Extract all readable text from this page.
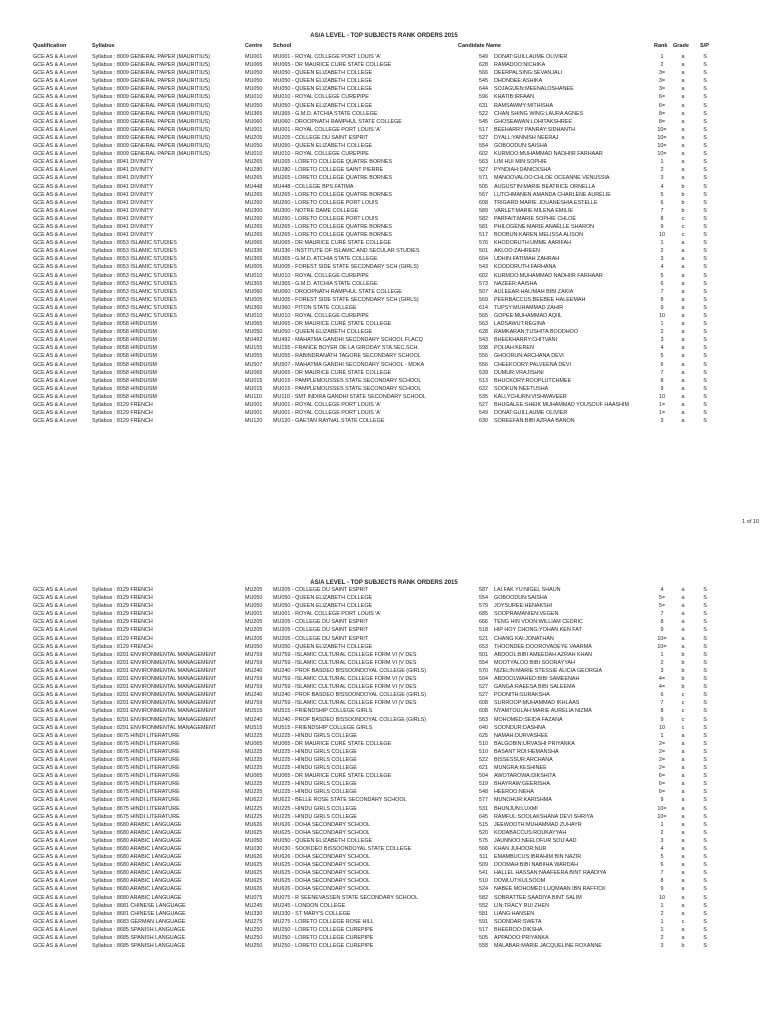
AS/A LEVEL - TOP SUBJECTS RANK ORDERS 2015
Qualification	Syllabus	Centre School	Candidate Name	Rank Grade S/P
GCE AS & A Level	Syllabus : 8009 GENERAL PAPER (MAURITIUS)	MU001	MU001 - ROYAL COLLEGE PORT LOUIS 'A'	549 DONAT:GUILLAUME OLIVIER	1	a	S
GCE AS & A Level	Syllabus : 8009 GENERAL PAPER (MAURITIUS)	MU065	MU065 - DR MAURICE CURÉ STATE COLLEGE	628 RAMADOO:NICHIKA	2	a	S
GCE AS & A Level	Syllabus : 8009 GENERAL PAPER (MAURITIUS)	MU050	MU050 - QUEEN ELIZABETH COLLEGE	566 DEERPALSING:SEVANJALI	3=	a	S
GCE AS & A Level	Syllabus : 8009 GENERAL PAPER (MAURITIUS)	MU050	MU050 - QUEEN ELIZABETH COLLEGE	545 DHONDEE:ASHIKA	3=	a	S
GCE AS & A Level	Syllabus : 8009 GENERAL PAPER (MAURITIUS)	MU050	MU050 - QUEEN ELIZABETH COLLEGE	644 SOJAGUEN:MEENALOSHANEE	3=	a	S
GCE AS & A Level	Syllabus : 8009 GENERAL PAPER (MAURITIUS)	MU010	MU010 - ROYAL COLLEGE CUREPIPE	596 KHATIB:IRFAAN	6=	a	S
GCE AS & A Level	Syllabus : 8009 GENERAL PAPER (MAURITIUS)	MU050	MU050 - QUEEN ELIZABETH COLLEGE	631 RAMSAWMY:MITHISHA	6=	a	S
GCE AS & A Level	Syllabus : 8009 GENERAL PAPER (MAURITIUS)	MU365	MU365 - G.M.D. ATCHIA STATE COLLEGE	522 CHAN SHING WING:LAURA AGNES	8=	a	S
GCE AS & A Level	Syllabus : 8009 GENERAL PAPER (MAURITIUS)	MU060	MU060 - DROOPNATH RAMPHUL STATE COLLEGE	545 GHOSEAWAN:LOHITAKSHREE	8=	a	S
GCE AS & A Level	Syllabus : 8009 GENERAL PAPER (MAURITIUS)	MU001	MU001 - ROYAL COLLEGE PORT LOUIS 'A'	517 BEEHARRY PANRAY:SIDHANTH	10=	a	S
GCE AS & A Level	Syllabus : 8009 GENERAL PAPER (MAURITIUS)	MU205	MU205 - COLLEGE DU SAINT ESPRIT	527 DYALL:YANNISH NEERAJ	10=	a	S
GCE AS & A Level	Syllabus : 8009 GENERAL PAPER (MAURITIUS)	MU050	MU050 - QUEEN ELIZABETH COLLEGE	554 GOBOODUN:SAISHA	10=	a	S
GCE AS & A Level	Syllabus : 8009 GENERAL PAPER (MAURITIUS)	MU010	MU010 - ROYAL COLLEGE CUREPIPE	602 KURMOO:MUHAMMAD NADHIIR FARHAAR	10=	a	S
GCE AS & A Level	Syllabus : 8041 DIVINITY	MU265	MU265 - LORETO COLLEGE QUATRE BORNES	563 LIM HUI MIN:SOPHIE	1	a	S
GCE AS & A Level	Syllabus : 8041 DIVINITY	MU280	MU280 - LORETO COLLEGE SAINT PIERRE	527 PYNDIAH:DANICKSHA	2	a	S
GCE AS & A Level	Syllabus : 8041 DIVINITY	MU265	MU265 - LORETO COLLEGE QUATRE BORNES	571 MANOOVALOO:CHLOÉ OCEANNE VENUSSIA	3	a	S
GCE AS & A Level	Syllabus : 8041 DIVINITY	MU448	MU448 - COLLEGE BPS FATIMA	505 AUGUSTIN:MARIE BEATRICE ORNELLA	4	b	S
GCE AS & A Level	Syllabus : 8041 DIVINITY	MU265	MU265 - LORETO COLLEGE QUATRE BORNES	567 LUTCHMANEN:AMANDA CHARLÈNE AURÉLIE	5	b	S
GCE AS & A Level	Syllabus : 8041 DIVINITY	MU260	MU260 - LORETO COLLEGE PORT LOUIS	608 TRIGARD:MARIE JOUANESHIA ESTELLE	6	b	S
GCE AS & A Level	Syllabus : 8041 DIVINITY	MU300	MU300 - NOTRE DAME COLLEGE	589 VARLET:MARIE MILENA EMILIE	7	b	S
GCE AS & A Level	Syllabus : 8041 DIVINITY	MU260	MU260 - LORETO COLLEGE PORT LOUIS	582 PARFAIT:MARIE SOPHIE CHLOÉ	8	c	S
GCE AS & A Level	Syllabus : 8041 DIVINITY	MU265	MU265 - LORETO COLLEGE QUATRE BORNES	581 PHILOGÈNE:MARIE ANAËLLE SHARON	9	c	S
GCE AS & A Level	Syllabus : 8041 DIVINITY	MU265	MU265 - LORETO COLLEGE QUATRE BORNES	517 BOOBUN:KAREN MELISSA ALISON	10	c	S
GCE AS & A Level	Syllabus : 8053 ISLAMIC STUDIES	MU065	MU065 - DR MAURICE CURÉ STATE COLLEGE	576 KHODORUTH:UMME AARIFAH	1	a	S
GCE AS & A Level	Syllabus : 8053 ISLAMIC STUDIES	MU336	MU336 - INSTITUTE OF ISLAMIC AND SECULAR STUDIES	501 AKLOO:ZAHREEN	2	a	S
GCE AS & A Level	Syllabus : 8053 ISLAMIC STUDIES	MU365	MU365 - G.M.D. ATCHIA STATE COLLEGE	604 UDHIN:FATIMAH ZAHRAH	3	a	S
GCE AS & A Level	Syllabus : 8053 ISLAMIC STUDIES	MU005	MU005 - FOREST SIDE STATE SECONDARY SCH (GIRLS)	543 KOODORUTH:FARHANA	4	a	S
GCE AS & A Level	Syllabus : 8053 ISLAMIC STUDIES	MU010	MU010 - ROYAL COLLEGE CUREPIPE	602 KURMOO:MUHAMMAD NADHIIR FARHAAR	5	a	S
GCE AS & A Level	Syllabus : 8053 ISLAMIC STUDIES	MU365	MU365 - G.M.D. ATCHIA STATE COLLEGE	573 NAZEER:AAISHA	6	a	S
GCE AS & A Level	Syllabus : 8053 ISLAMIC STUDIES	MU060	MU060 - DROOPNATH RAMPHUL STATE COLLEGE	507 AULEEAR:HALIMAH BIBI ZAKIA	7	a	S
GCE AS & A Level	Syllabus : 8053 ISLAMIC STUDIES	MU005	MU005 - FOREST SIDE STATE SECONDARY SCH (GIRLS)	569 PEERBACCUS:BEEBEE HALEEMAH	8	a	S
GCE AS & A Level	Syllabus : 8053 ISLAMIC STUDIES	MU360	MU360 - PITON STATE COLLEGE	614 TUPSY:MUHAMMAD ZAHIR	9	a	S
GCE AS & A Level	Syllabus : 8053 ISLAMIC STUDIES	MU010	MU010 - ROYAL COLLEGE CUREPIPE	565 GOPEE:MUHAMMAD AQIIL	10	a	S
GCE AS & A Level	Syllabus : 8058 HINDUISM	MU065	MU065 - DR MAURICE CURÉ STATE COLLEGE	563 LADSAWUT:REGINA	1	a	S
GCE AS & A Level	Syllabus : 8058 HINDUISM	MU050	MU050 - QUEEN ELIZABETH COLLEGE	628 RAMKARAN:TUSHITA BOODHOO	2	a	S
GCE AS & A Level	Syllabus : 8058 HINDUISM	MU492	MU492 - MAHATMA GANDHI SECONDARY SCHOOL FLACQ	543 BHEEKHARRY:CHITVANI	3	a	S
GCE AS & A Level	Syllabus : 8058 HINDUISM	MU155	MU155 - FRANCE BOYER DE LA GIRODAY STA.SEC.SCH.	598 POLIAH:KEREN	4	a	S
GCE AS & A Level	Syllabus : 8058 HINDUISM	MU055	MU055 - RABINDRANATH TAGORE SECONDARY SCHOOL	556 GHOORUN:ARCHANA DEVI	5	a	S
GCE AS & A Level	Syllabus : 8058 HINDUISM	MU507	MU507 - MAHATMA GANDHI SECONDARY SCHOOL - MOKA	556 CHEEKOORY:PALVEENA DEVI	6	a	S
GCE AS & A Level	Syllabus : 8058 HINDUISM	MU065	MU065 - DR MAURICE CURÉ STATE COLLEGE	539 DUMUR:VRAJISHNI	7	a	S
GCE AS & A Level	Syllabus : 8058 HINDUISM	MU015	MU015 - PAMPLEMOUSSES STATE SECONDARY SCHOOL	513 BHUCKORY:ROOPLUTCHMEE	8	a	S
GCE AS & A Level	Syllabus : 8058 HINDUISM	MU015	MU015 - PAMPLEMOUSSES STATE SECONDARY SCHOOL	622 SOOKUN:NEETUSHA	9	a	S
GCE AS & A Level	Syllabus : 8058 HINDUISM	MU110	MU110 - SMT INDIRA GANDHI STATE SECONDARY SCHOOL	535 KALLYCHURN:VISHWAVEER	10	a	S
GCE AS & A Level	Syllabus : 8129 FRENCH	MU001	MU001 - ROYAL COLLEGE PORT LOUIS 'A'	527 BHUGALEE:SHEIK MUHAMMAD YOUSOUF HAASHIM	1=	a	S
GCE AS & A Level	Syllabus : 8129 FRENCH	MU001	MU001 - ROYAL COLLEGE PORT LOUIS 'A'	549 DONAT:GUILLAUME OLIVIER	1=	a	S
GCE AS & A Level	Syllabus : 8129 FRENCH	MU120	MU120 - GAETAN RAYNAL STATE COLLEGE	630 SOREEFAN:BIBI AZRAA BANON	3	a	S
1 of 10
AS/A LEVEL - TOP SUBJECTS RANK ORDERS 2015
GCE AS & A Level	Syllabus : 8129 FRENCH	MU205	MU205 - COLLEGE DU SAINT ESPRIT	587 LAI FAK YU:NIGEL SHAUN	4	a	S
GCE AS & A Level	Syllabus : 8129 FRENCH	MU050	MU050 - QUEEN ELIZABETH COLLEGE	554 GOBOODUN:SAISHA	5=	a	S
GCE AS & A Level	Syllabus : 8129 FRENCH	MU050	MU050 - QUEEN ELIZABETH COLLEGE	579 JOYSUREE:HENAKSHI	5=	a	S
GCE AS & A Level	Syllabus : 8129 FRENCH	MU001	MU001 - ROYAL COLLEGE PORT LOUIS 'A'	685 SOOPRAMANIEN:VEGEN	7	a	S
GCE AS & A Level	Syllabus : 8129 FRENCH	MU205	MU205 - COLLEGE DU SAINT ESPRIT	666 TENG HIN VOON:WILLIAM CEDRIC	8	a	S
GCE AS & A Level	Syllabus : 8129 FRENCH	MU205	MU205 - COLLEGE DU SAINT ESPRIT	518 HIP HOY CHONG:YOHAN KEN FAT	9	a	S
GCE AS & A Level	Syllabus : 8129 FRENCH	MU205	MU205 - COLLEGE DU SAINT ESPRIT	521 CHANG KAI:JONATHAN	10=	a	S
GCE AS & A Level	Syllabus : 8129 FRENCH	MU050	MU050 - QUEEN ELIZABETH COLLEGE	653 THOONDEE:DOOROVADEYE VAARMA	10=	a	S
GCE AS & A Level	Syllabus : 8291 ENVIRONMENTAL MANAGEMENT	MU759	MU759 - ISLAMIC CULTURAL COLLEGE FORM VI (V DES	501 ABDOOL:BIBI AMEEDAH AZRAH KHAN	1	b	S
GCE AS & A Level	Syllabus : 8291 ENVIRONMENTAL MANAGEMENT	MU759	MU759 - ISLAMIC CULTURAL COLLEGE FORM VI (V DES	554 MOOTYALOO:BIBI SOORAYYAH	2	b	S
GCE AS & A Level	Syllabus : 8291 ENVIRONMENTAL MANAGEMENT	MU240	MU240 - PROF BASDEO BISSOONDOYAL COLLEGE (GIRLS)	570 NIZELIN:MARIE STESSIE ALICIA GEORGIA	3	b	S
GCE AS & A Level	Syllabus : 8291 ENVIRONMENTAL MANAGEMENT	MU759	MU759 - ISLAMIC CULTURAL COLLEGE FORM VI (V DES	504 ABDOOLWAHED:BIBI SAMEENAH	4=	b	S
GCE AS & A Level	Syllabus : 8291 ENVIRONMENTAL MANAGEMENT	MU759	MU759 - ISLAMIC CULTURAL COLLEGE FORM VI (V DES	527 GANGA:RAEESA BIBI SALEEMA	4=	b	S
GCE AS & A Level	Syllabus : 8291 ENVIRONMENTAL MANAGEMENT	MU240	MU240 - PROF BASDEO BISSOONDOYAL COLLEGE (GIRLS)	527 POONITH:SURAKSHA	6	c	S
GCE AS & A Level	Syllabus : 8291 ENVIRONMENTAL MANAGEMENT	MU759	MU759 - ISLAMIC CULTURAL COLLEGE FORM VI (V DES	608 SURROOP:MUHAMMAD IKHLAAS	7	c	S
GCE AS & A Level	Syllabus : 8291 ENVIRONMENTAL MANAGEMENT	MU515	MU515 - FRIENDSHIP COLLEGE GIRLS	608 NYAMTOULAH:MARIE AURELIA NIZMA	8	c	S
GCE AS & A Level	Syllabus : 8291 ENVIRONMENTAL MANAGEMENT	MU240	MU240 - PROF BASDEO BISSOONDOYAL COLLEGE (GIRLS)	563 MOHOMED:SEIDA FAZANA	9	c	S
GCE AS & A Level	Syllabus : 8291 ENVIRONMENTAL MANAGEMENT	MU515	MU515 - FRIENDSHIP COLLEGE GIRLS	640 SOONDUR:DASHNA	10	c	S
GCE AS & A Level	Syllabus : 8675 HINDI LITERATURE	MU225	MU225 - HINDU GIRLS COLLEGE	625 NAMAH:DURVASHEE	1	a	S
GCE AS & A Level	Syllabus : 8675 HINDI LITERATURE	MU065	MU065 - DR MAURICE CURÉ STATE COLLEGE	510 BALGOBIN:URVASHI PRIYANKA	2=	a	S
GCE AS & A Level	Syllabus : 8675 HINDI LITERATURE	MU225	MU225 - HINDU GIRLS COLLEGE	510 BASANT ROI:HEMANSHA	2=	a	S
GCE AS & A Level	Syllabus : 8675 HINDI LITERATURE	MU225	MU225 - HINDU GIRLS COLLEGE	522 BISSESSUR:ARCHANA	2=	a	S
GCE AS & A Level	Syllabus : 8675 HINDI LITERATURE	MU225	MU225 - HINDU GIRLS COLLEGE	621 MUNGRA:KESHINEE	2=	a	S
GCE AS & A Level	Syllabus : 8675 HINDI LITERATURE	MU065	MU065 - DR MAURICE CURÉ STATE COLLEGE	504 AWOTAROWA:DIKSHITA	6=	a	S
GCE AS & A Level	Syllabus : 8675 HINDI LITERATURE	MU225	MU225 - HINDU GIRLS COLLEGE	519 BHAYRAW:GEERISHA	6=	a	S
GCE AS & A Level	Syllabus : 8675 HINDI LITERATURE	MU225	MU225 - HINDU GIRLS COLLEGE	548 HEEROO:NEHA	6=	a	S
GCE AS & A Level	Syllabus : 8675 HINDI LITERATURE	MU622	MU622 - BELLE ROSE STATE SECONDARY SCHOOL	577 MUNOHUR:KARISHMA	9	a	S
GCE AS & A Level	Syllabus : 8675 HINDI LITERATURE	MU225	MU225 - HINDU GIRLS COLLEGE	531 BHUNJUN:LUXMI	10=	a	S
GCE AS & A Level	Syllabus : 8675 HINDI LITERATURE	MU225	MU225 - HINDU GIRLS COLLEGE	645 RAMFUL:SOOLAKSHANA DEVI SHRIYA	10=	a	S
GCE AS & A Level	Syllabus : 8680 ARABIC LANGUAGE	MU626	MU626 - DOHA SECONDARY SCHOOL	515 JEEWOOTH:MUHAMMAD ZUHAYR	1	a	S
GCE AS & A Level	Syllabus : 8680 ARABIC LANGUAGE	MU625	MU625 - DOHA SECONDARY SCHOOL	520 KODABACCUS:ROUKAYYAH	2	a	S
GCE AS & A Level	Syllabus : 8680 ARABIC LANGUAGE	MU050	MU050 - QUEEN ELIZABETH COLLEGE	575 JAUNNOO:NEELOFUR SOU'AAD	3	a	S
GCE AS & A Level	Syllabus : 8680 ARABIC LANGUAGE	MU030	MU030 - SOOKDEO BISSOONDOYAL STATE COLLEGE	568 KHAN JUHOOR:NUR	4	a	S
GCE AS & A Level	Syllabus : 8680 ARABIC LANGUAGE	MU626	MU626 - DOHA SECONDARY SCHOOL	511 EMAMBUCUS:IBRAHIM BIN NAZIR	5	a	S
GCE AS & A Level	Syllabus : 8680 ARABIC LANGUAGE	MU625	MU625 - DOHA SECONDARY SCHOOL	509 DOOMAH:BIBI NABIIHA WARDAH	6	a	S
GCE AS & A Level	Syllabus : 8680 ARABIC LANGUAGE	MU625	MU625 - DOHA SECONDARY SCHOOL	541 HALLEL HASSAN:NAAFEERA BINT RAADIYA	7	a	S
GCE AS & A Level	Syllabus : 8680 ARABIC LANGUAGE	MU625	MU625 - DOHA SECONDARY SCHOOL	510 DOWLUT:KULSOOM	8	a	S
GCE AS & A Level	Syllabus : 8680 ARABIC LANGUAGE	MU626	MU626 - DOHA SECONDARY SCHOOL	524 NABEE MOHOMED:LUQMAAN IBN RAFFICK	9	a	S
GCE AS & A Level	Syllabus : 8680 ARABIC LANGUAGE	MU075	MU075 - R SEENEVASSEN STATE SECONDARY SCHOOL	582 SOBRATTEE:SAADIYA BINT SALIM	10	a	S
GCE AS & A Level	Syllabus : 8681 CHINESE LANGUAGE	MU245	MU245 - LONDON COLLEGE	552 LIN:TRACY RUI ZHEN	1	a	S
GCE AS & A Level	Syllabus : 8681 CHINESE LANGUAGE	MU330	MU330 - ST MARY'S COLLEGE	581 LIANG:HANSEN	2	a	S
GCE AS & A Level	Syllabus : 8683 GERMAN LANGUAGE	MU275	MU275 - LORETO COLLEGE ROSE HILL	591 SOONDAR:SWETA	1	c	S
GCE AS & A Level	Syllabus : 8685 SPANISH LANGUAGE	MU250	MU250 - LORETO COLLEGE CUREPIPE	517 BHEEROO:DIKSHA	1	a	S
GCE AS & A Level	Syllabus : 8685 SPANISH LANGUAGE	MU250	MU250 - LORETO COLLEGE CUREPIPE	505 APPADOO:PRIYANKA	2	a	S
GCE AS & A Level	Syllabus : 8685 SPANISH LANGUAGE	MU250	MU250 - LORETO COLLEGE CUREPIPE	558 MALABAR:MARIE JACQUELINE ROXANNE	3	b	S
